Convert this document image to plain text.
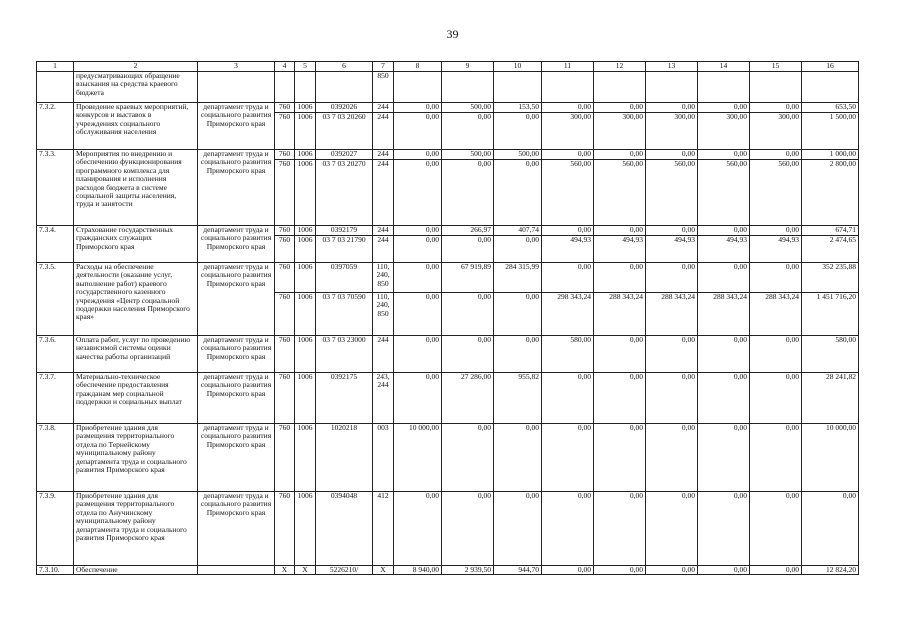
39
1	2	3	4	5	6	7	8	9	10	11	12	13	14	15	16
	предусматривающих обращение взыскания на средства краевого бюджета					850									
7.3.2.	Проведение краевых мероприятий, конкурсов и выставок в учреждениях социального обслуживания населения	департамент труда и социального развития Приморского края	760	1006	0392026	244	0,00	500,00	153,50	0,00	0,00	0,00	0,00	0,00	653,50
			760	1006	03 7 03 20260	244	0,00	0,00	0,00	300,00	300,00	300,00	300,00	300,00	1 500,00
7.3.3.	Мероприятия по внедрению и обеспечению функционирования программного комплекса для планирования и исполнения расходов бюджета в системе социальной защиты населения, труда и занятости	департамент труда и социального развития Приморского края	760	1006	0392027	244	0,00	500,00	500,00	0,00	0,00	0,00	0,00	0,00	1 000,00
			760	1006	03 7 03 20270	244	0,00	0,00	0,00	560,00	560,00	560,00	560,00	560,00	2 800,00
7.3.4.	Страхование государственных гражданских служащих Приморского края	департамент труда и социального развития Приморского края	760	1006	0392179	244	0,00	266,97	407,74	0,00	0,00	0,00	0,00	0,00	674,71
			760	1006	03 7 03 21790	244	0,00	0,00	0,00	494,93	494,93	494,93	494,93	494,93	2 474,65
7.3.5.	Расходы на обеспечение деятельности (оказание услуг, выполнение работ) краевого государственного казенного учреждения «Центр социальной поддержки населения Приморского края»	департамент труда и социального развития Приморского края	760	1006	0397059	110, 240, 850	0,00	67 919,89	284 315,99	0,00	0,00	0,00	0,00	0,00	352 235,88
			760	1006	03 7 03 70590	110, 240, 850	0,00	0,00	0,00	298 343,24	288 343,24	288 343,24	288 343,24	288 343,24	1 451 716,20
7.3.6.	Оплата работ, услуг по проведению независимой системы оценки качества работы организаций	департамент труда и социального развития Приморского края	760	1006	03 7 03 23000	244	0,00	0,00	0,00	580,00	0,00	0,00	0,00	0,00	580,00
7.3.7.	Материально-техническое обеспечение предоставления гражданам мер социальной поддержки и социальных выплат	департамент труда и социального развития Приморского края	760	1006	0392175	243, 244	0,00	27 286,00	955,82	0,00	0,00	0,00	0,00	0,00	28 241,82
7.3.8.	Приобретение здания для размещения территориального отдела по Тернейскому муниципальному району департамента труда и социального развития Приморского края	департамент труда и социального развития Приморского края	760	1006	1020218	003	10 000,00	0,00	0,00	0,00	0,00	0,00	0,00	0,00	10 000,00
7.3.9.	Приобретение здания для размещения территориального отдела по Анучинскому муниципальному району департамента труда и социального развития Приморского края	департамент труда и социального развития Приморского края	760	1006	0394048	412	0,00	0,00	0,00	0,00	0,00	0,00	0,00	0,00	0,00
7.3.10.	Обеспечение		X	X	5226210/	X	8 940,00	2 939,50	944,70	0,00	0,00	0,00	0,00	0,00	12 824,20
